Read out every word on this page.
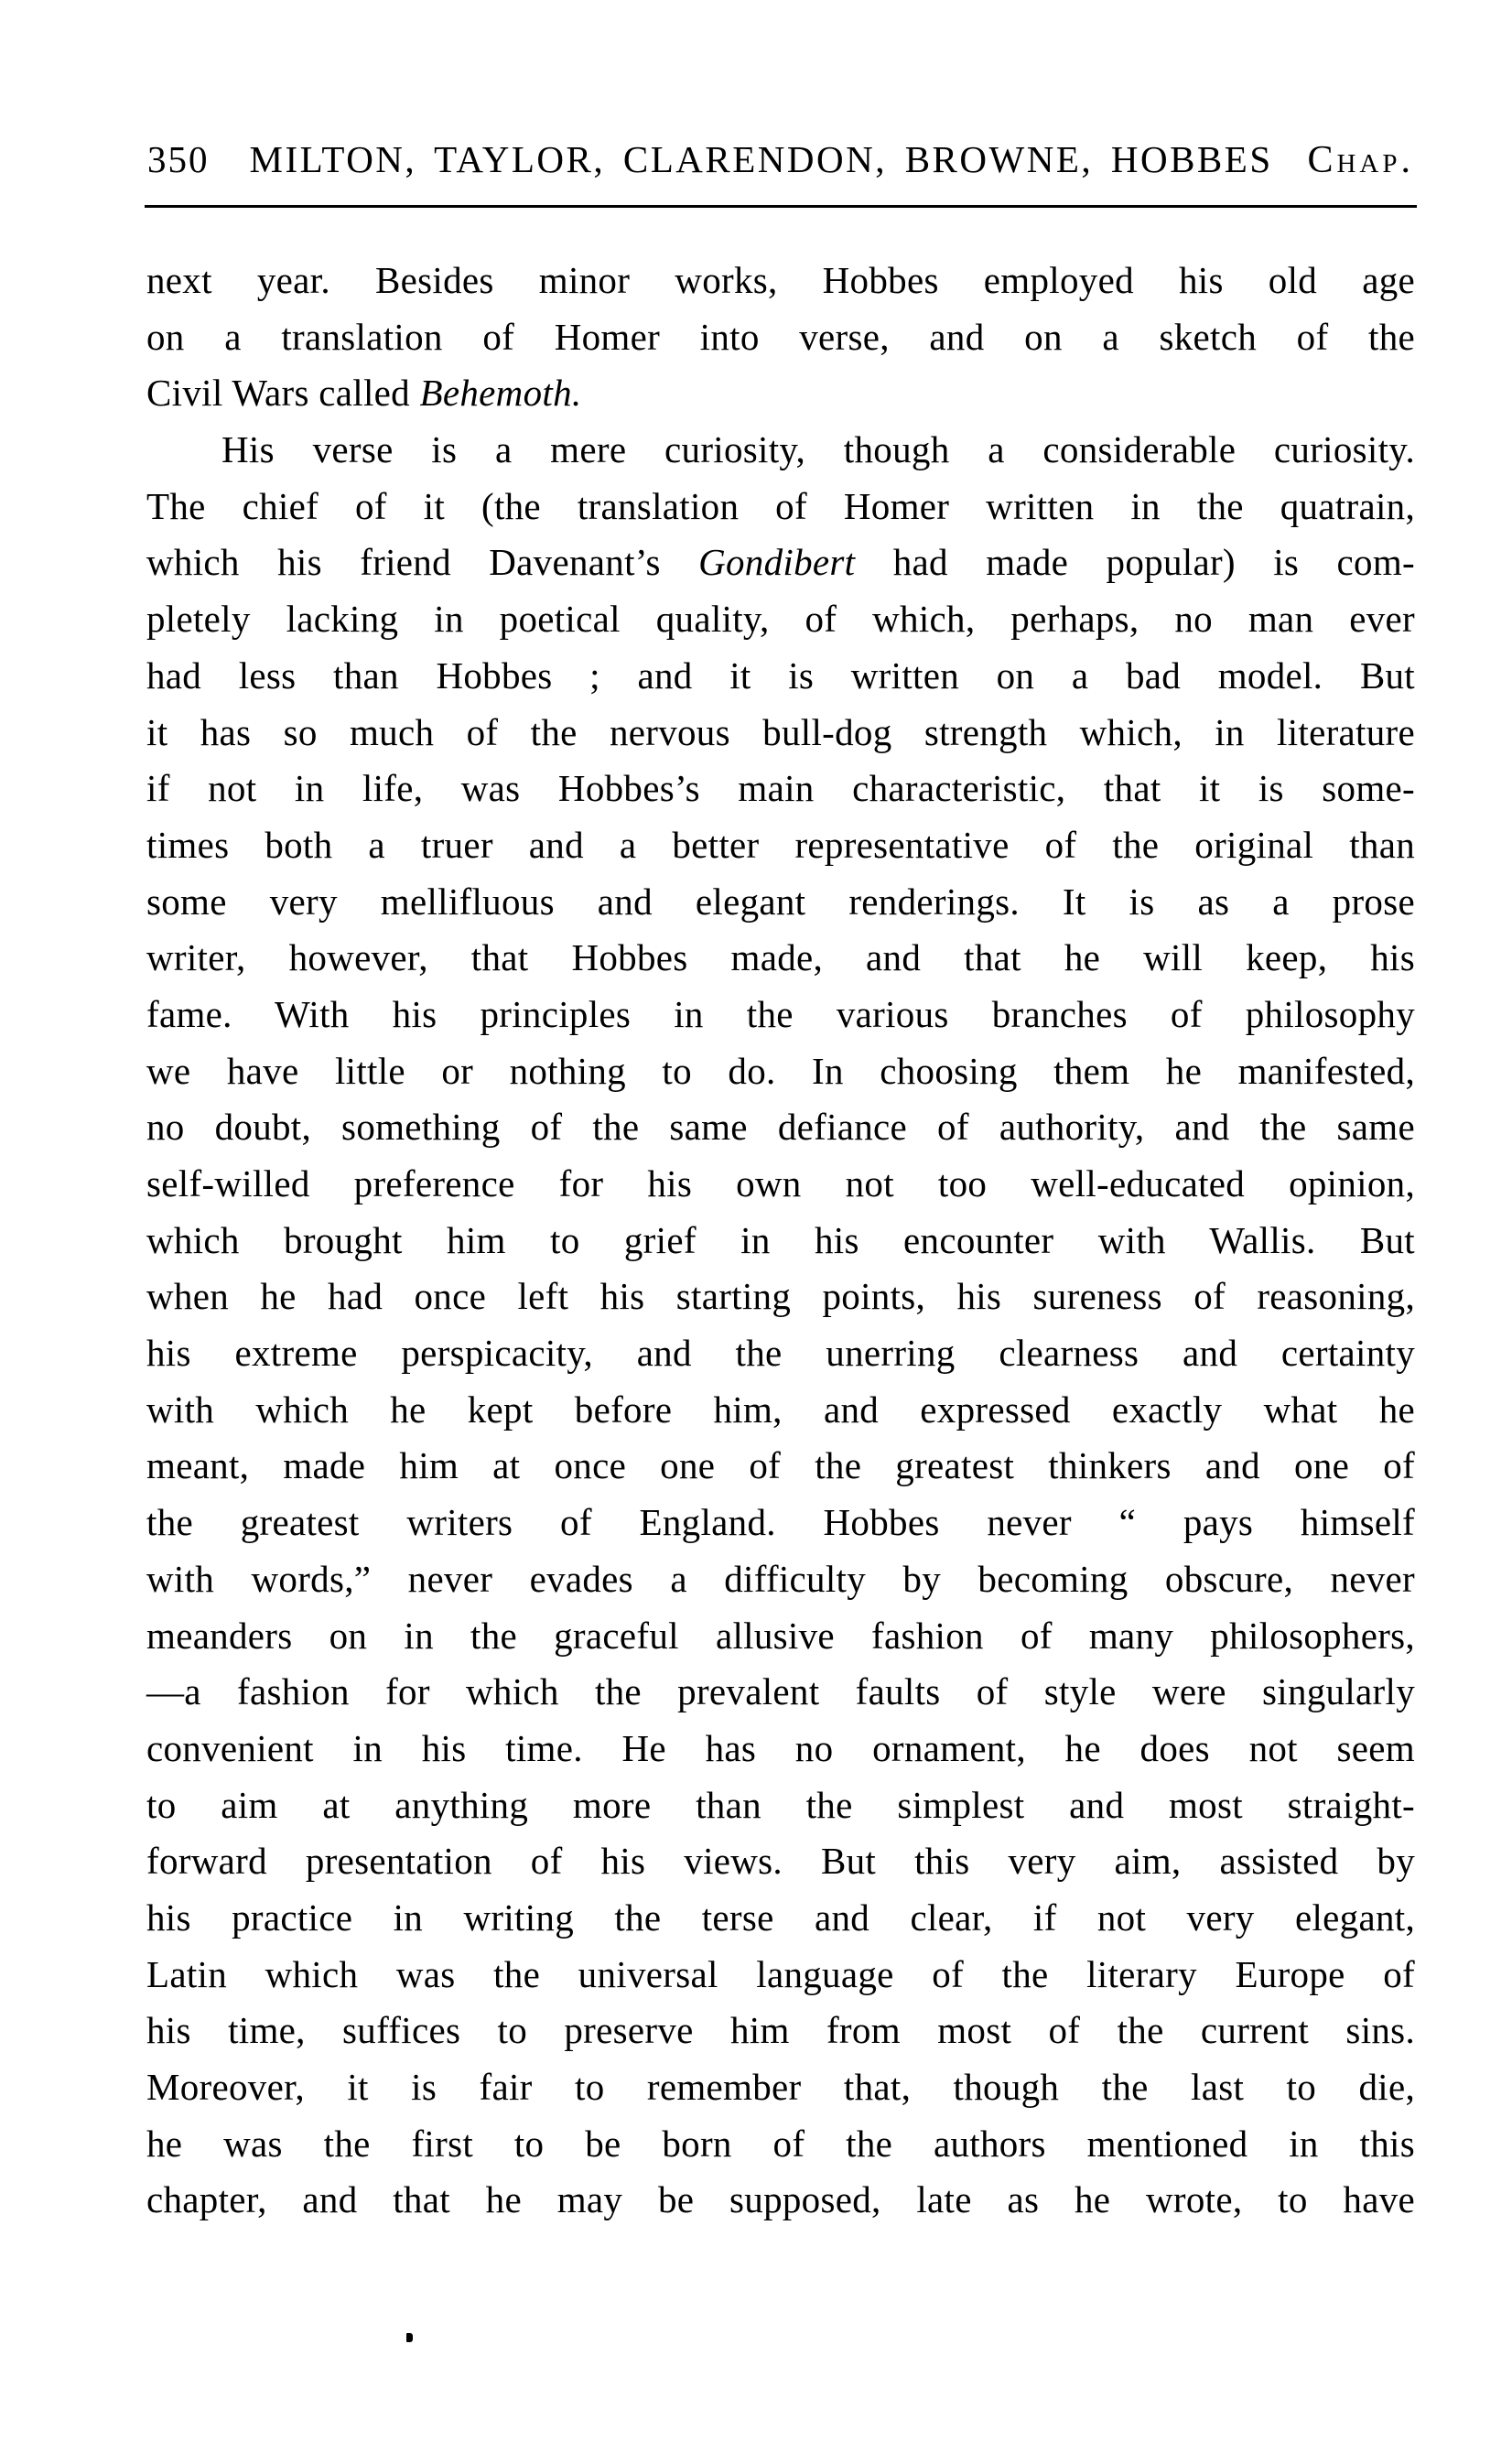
350 MILTON, TAYLOR, CLARENDON, BROWNE, HOBBES Chap.
next year. Besides minor works, Hobbes employed his old age
on a translation of Homer into verse, and on a sketch of the
Civil Wars called Behemoth.
His verse is a mere curiosity, though a considerable curiosity.
The chief of it (the translation of Homer written in the quatrain,
which his friend Davenant’s Gondibert had made popular) is com-
pletely lacking in poetical quality, of which, perhaps, no man ever
had less than Hobbes ; and it is written on a bad model. But
it has so much of the nervous bull-dog strength which, in literature
if not in life, was Hobbes’s main characteristic, that it is some-
times both a truer and a better representative of the original than
some very mellifluous and elegant renderings. It is as a prose
writer, however, that Hobbes made, and that he will keep, his
fame. With his principles in the various branches of philosophy
we have little or nothing to do. In choosing them he manifested,
no doubt, something of the same defiance of authority, and the same
self-willed preference for his own not too well-educated opinion,
which brought him to grief in his encounter with Wallis. But
when he had once left his starting points, his sureness of reasoning,
his extreme perspicacity, and the unerring clearness and certainty
with which he kept before him, and expressed exactly what he
meant, made him at once one of the greatest thinkers and one of
the greatest writers of England. Hobbes never “ pays himself
with words,” never evades a difficulty by becoming obscure, never
meanders on in the graceful allusive fashion of many philosophers,
—a fashion for which the prevalent faults of style were singularly
convenient in his time. He has no ornament, he does not seem
to aim at anything more than the simplest and most straight-
forward presentation of his views. But this very aim, assisted by
his practice in writing the terse and clear, if not very elegant,
Latin which was the universal language of the literary Europe of
his time, suffices to preserve him from most of the current sins.
Moreover, it is fair to remember that, though the last to die,
he was the first to be born of the authors mentioned in this
chapter, and that he may be supposed, late as he wrote, to have
